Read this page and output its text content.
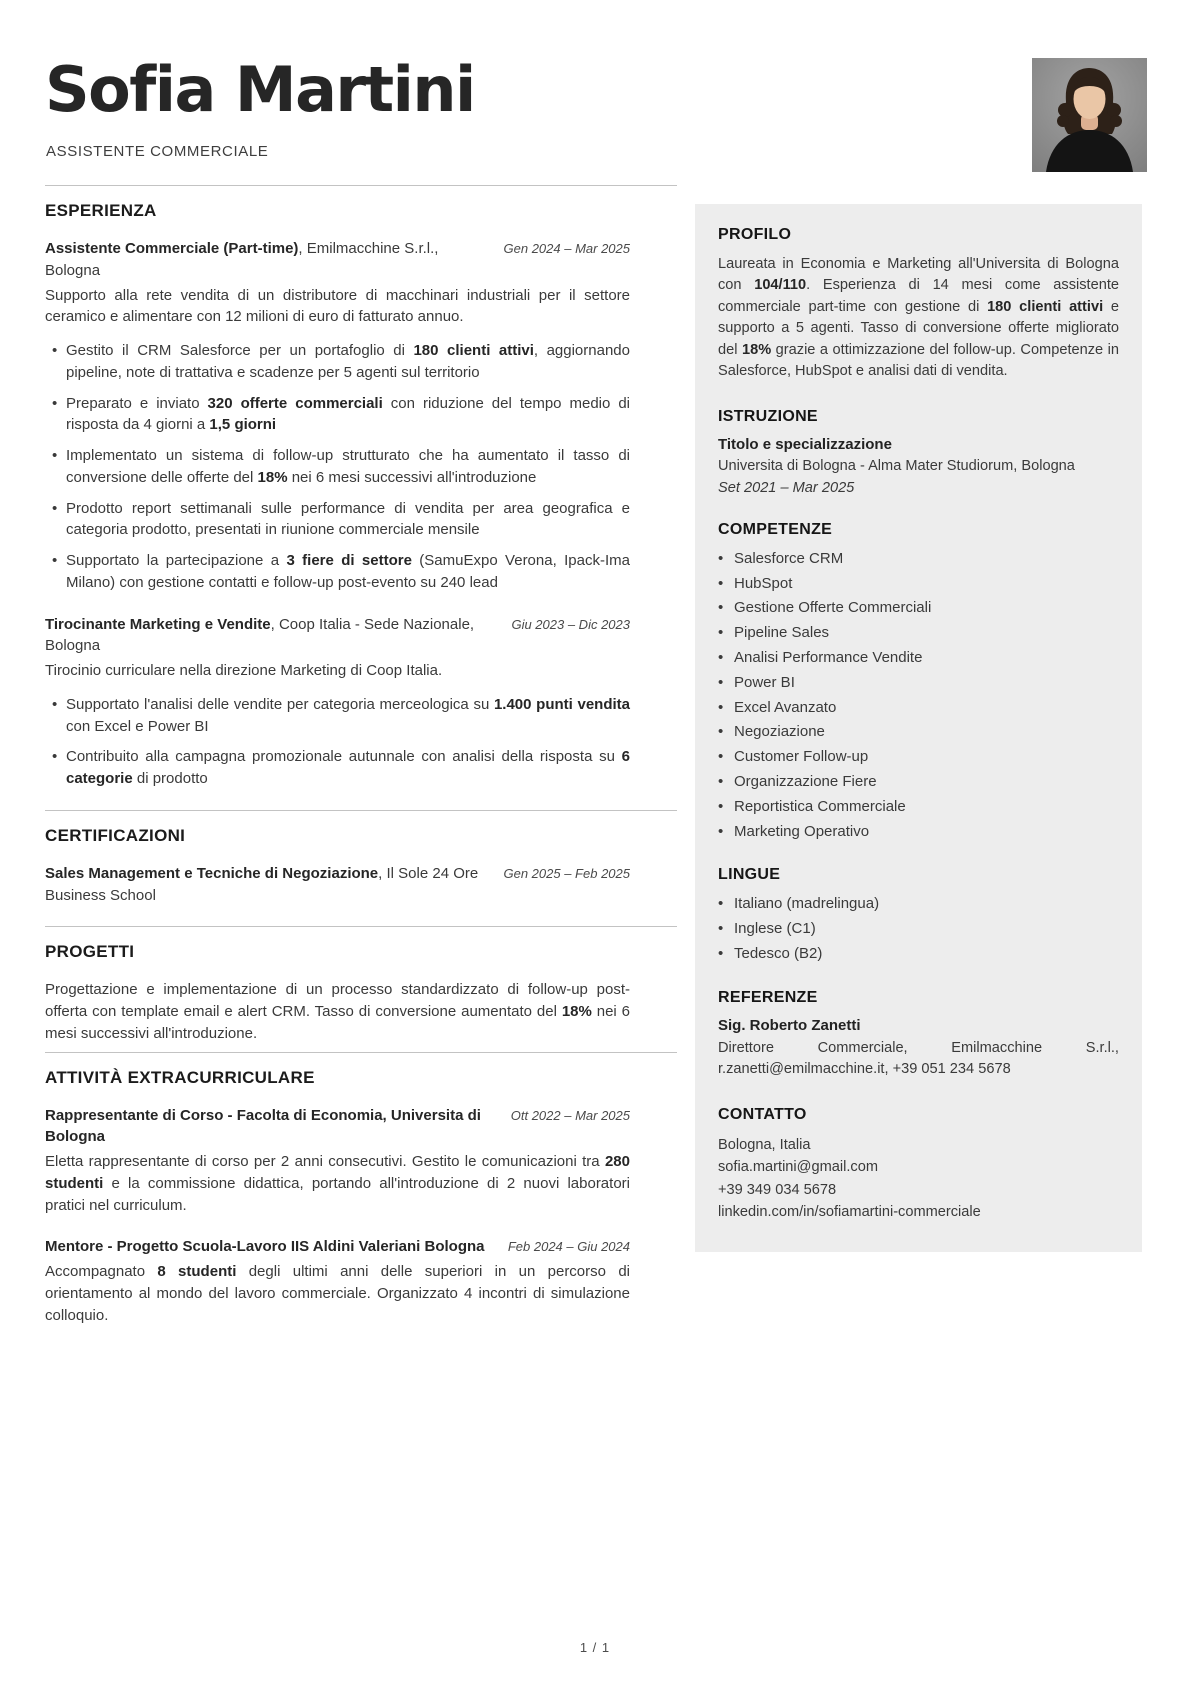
Sofia Martini
ASSISTENTE COMMERCIALE
ESPERIENZA
Assistente Commerciale (Part-time), Emilmacchine S.r.l., Bologna
Gen 2024 – Mar 2025

Supporto alla rete vendita di un distributore di macchinari industriali per il settore ceramico e alimentare con 12 milioni di euro di fatturato annuo.

• Gestito il CRM Salesforce per un portafoglio di 180 clienti attivi, aggiornando pipeline, note di trattativa e scadenze per 5 agenti sul territorio
• Preparato e inviato 320 offerte commerciali con riduzione del tempo medio di risposta da 4 giorni a 1,5 giorni
• Implementato un sistema di follow-up strutturato che ha aumentato il tasso di conversione delle offerte del 18% nei 6 mesi successivi all'introduzione
• Prodotto report settimanali sulle performance di vendita per area geografica e categoria prodotto, presentati in riunione commerciale mensile
• Supportato la partecipazione a 3 fiere di settore (SamuExpo Verona, Ipack-Ima Milano) con gestione contatti e follow-up post-evento su 240 lead
Tirocinante Marketing e Vendite, Coop Italia - Sede Nazionale, Bologna
Giu 2023 – Dic 2023

Tirocinio curriculare nella direzione Marketing di Coop Italia.

• Supportato l'analisi delle vendite per categoria merceologica su 1.400 punti vendita con Excel e Power BI
• Contribuito alla campagna promozionale autunnale con analisi della risposta su 6 categorie di prodotto
CERTIFICAZIONI
Sales Management e Tecniche di Negoziazione, Il Sole 24 Ore Business School
Gen 2025 – Feb 2025
PROGETTI

Progettazione e implementazione di un processo standardizzato di follow-up post-offerta con template email e alert CRM. Tasso di conversione aumentato del 18% nei 6 mesi successivi all'introduzione.

ATTIVITÀ EXTRACURRICULARE
Rappresentante di Corso - Facolta di Economia, Universita di Bologna
Ott 2022 – Mar 2025

Eletta rappresentante di corso per 2 anni consecutivi. Gestito le comunicazioni tra 280 studenti e la commissione didattica, portando all'introduzione di 2 nuovi laboratori pratici nel curriculum.

Mentore - Progetto Scuola-Lavoro IIS Aldini Valeriani Bologna	Feb 2024 – Giu 2024

Accompagnato 8 studenti degli ultimi anni delle superiori in un percorso di orientamento al mondo del lavoro commerciale. Organizzato 4 incontri di simulazione colloquio.

PROFILO

Laureata in Economia e Marketing all'Universita di Bologna con 104/110. Esperienza di 14 mesi come assistente commerciale part-time con gestione di 180 clienti attivi e supporto a 5 agenti. Tasso di conversione offerte migliorato del 18% grazie a ottimizzazione del follow-up. Competenze in Salesforce, HubSpot e analisi dati di vendita.

ISTRUZIONE

Titolo e specializzazione

Universita di Bologna - Alma Mater Studiorum, Bologna

Set 2021 – Mar 2025

COMPETENZE
• Salesforce CRM
• HubSpot
• Gestione Offerte Commerciali
• Pipeline Sales
• Analisi Performance Vendite
• Power BI
• Excel Avanzato
• Negoziazione
• Customer Follow-up
• Organizzazione Fiere
• Reportistica Commerciale
• Marketing Operativo
LINGUE
• Italiano (madrelingua)
• Inglese (C1)
• Tedesco (B2)
REFERENZE

Sig. Roberto Zanetti

Direttore Commerciale, Emilmacchine S.r.l., r.zanetti@emilmacchine.it, +39 051 234 5678

CONTATTO
Bologna, Italia
sofia.martini@gmail.com
+39 349 034 5678
linkedin.com/in/sofiamartini-commerciale
1 / 1
